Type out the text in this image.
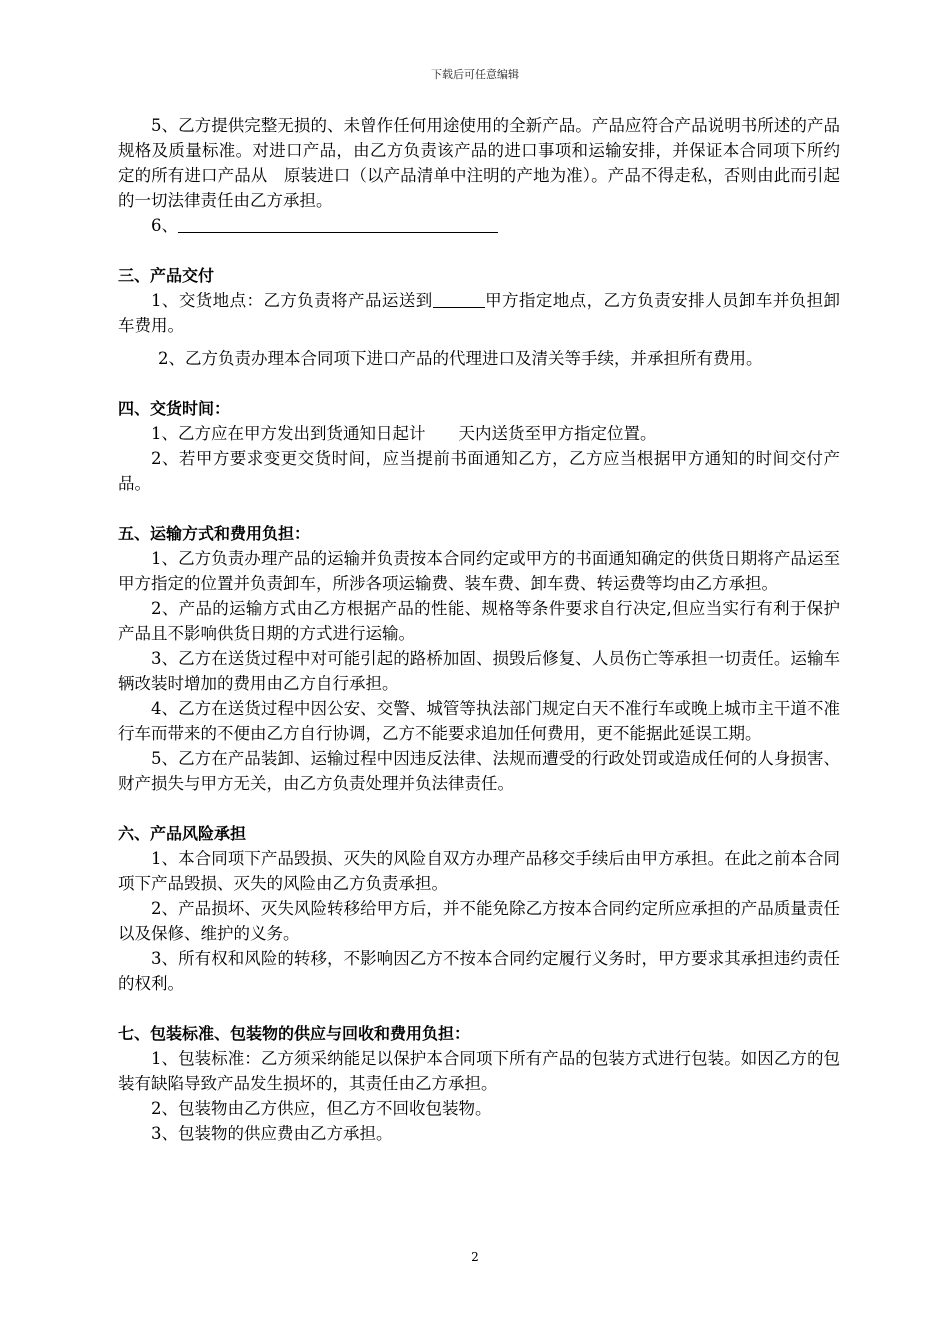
下载后可任意编辑

5、乙方提供完整无损的、未曾作任何用途使用的全新产品。产品应符合产品说明书所述的产品规格及质量标准。对进口产品，由乙方负责该产品的进口事项和运输安排，并保证本合同项下所约定的所有进口产品从　原装进口（以产品清单中注明的产地为准）。产品不得走私，否则由此而引起的一切法律责任由乙方承担。

6、

三、产品交付

1、交货地点：乙方负责将产品运送到	甲方指定地点，乙方负责安排人员卸车并负担卸车费用。

2、乙方负责办理本合同项下进口产品的代理进口及清关等手续，并承担所有费用。

四、交货时间：

1、乙方应在甲方发出到货通知日起计　　天内送货至甲方指定位置。

2、若甲方要求变更交货时间，应当提前书面通知乙方，乙方应当根据甲方通知的时间交付产品。

五、运输方式和费用负担：

1、乙方负责办理产品的运输并负责按本合同约定或甲方的书面通知确定的供货日期将产品运至甲方指定的位置并负责卸车，所涉各项运输费、装车费、卸车费、转运费等均由乙方承担。

2、产品的运输方式由乙方根据产品的性能、规格等条件要求自行决定,但应当实行有利于保护产品且不影响供货日期的方式进行运输。

3、乙方在送货过程中对可能引起的路桥加固、损毁后修复、人员伤亡等承担一切责任。运输车辆改装时增加的费用由乙方自行承担。

4、乙方在送货过程中因公安、交警、城管等执法部门规定白天不准行车或晚上城市主干道不准行车而带来的不便由乙方自行协调，乙方不能要求追加任何费用，更不能据此延误工期。

5、乙方在产品装卸、运输过程中因违反法律、法规而遭受的行政处罚或造成任何的人身损害、财产损失与甲方无关，由乙方负责处理并负法律责任。

六、产品风险承担

1、本合同项下产品毁损、灭失的风险自双方办理产品移交手续后由甲方承担。在此之前本合同项下产品毁损、灭失的风险由乙方负责承担。

2、产品损坏、灭失风险转移给甲方后，并不能免除乙方按本合同约定所应承担的产品质量责任以及保修、维护的义务。

3、所有权和风险的转移，不影响因乙方不按本合同约定履行义务时，甲方要求其承担违约责任的权利。

七、包装标准、包装物的供应与回收和费用负担：

1、包装标准：乙方须采纳能足以保护本合同项下所有产品的包装方式进行包装。如因乙方的包装有缺陷导致产品发生损坏的，其责任由乙方承担。

2、包装物由乙方供应，但乙方不回收包装物。

3、包装物的供应费由乙方承担。

2
